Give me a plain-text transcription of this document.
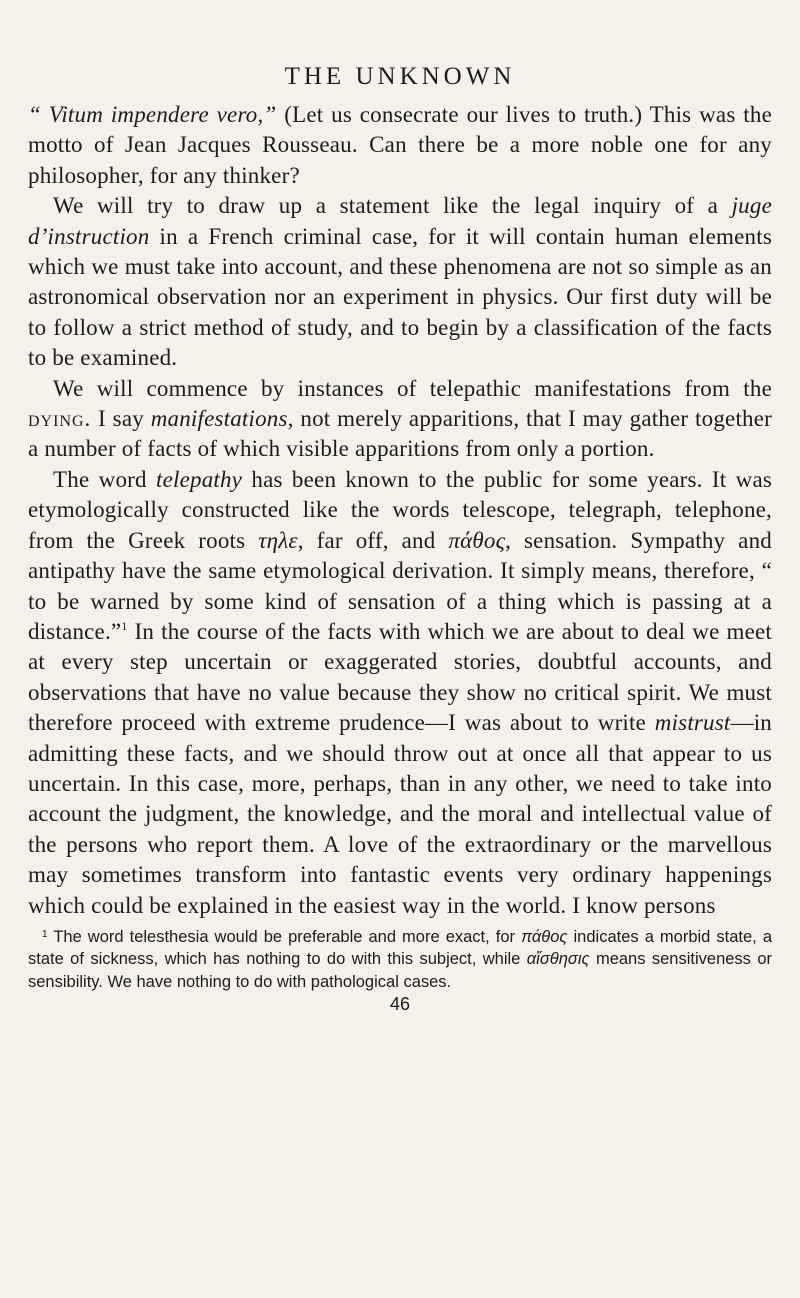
THE UNKNOWN

“ Vitum impendere vero,” (Let us consecrate our lives to truth.) This was the motto of Jean Jacques Rousseau. Can there be a more noble one for any philosopher, for any thinker?

We will try to draw up a statement like the legal inquiry of a juge d’instruction in a French criminal case, for it will contain human elements which we must take into account, and these phenomena are not so simple as an astronomical observation nor an experiment in physics. Our first duty will be to follow a strict method of study, and to begin by a classification of the facts to be examined.

We will commence by instances of telepathic manifestations from the dying. I say manifestations, not merely apparitions, that I may gather together a number of facts of which visible apparitions from only a portion.

The word telepathy has been known to the public for some years. It was etymologically constructed like the words telescope, telegraph, telephone, from the Greek roots τηλε, far off, and πάθος, sensation. Sympathy and antipathy have the same etymological derivation. It simply means, therefore, “ to be warned by some kind of sensation of a thing which is passing at a distance.”$^1$ In the course of the facts with which we are about to deal we meet at every step uncertain or exaggerated stories, doubtful accounts, and observations that have no value because they show no critical spirit. We must therefore proceed with extreme prudence—I was about to write mistrust—in admitting these facts, and we should throw out at once all that appear to us uncertain. In this case, more, perhaps, than in any other, we need to take into account the judgment, the knowledge, and the moral and intellectual value of the persons who report them. A love of the extraordinary or the marvellous may sometimes transform into fantastic events very ordinary happenings which could be explained in the easiest way in the world. I know persons

$^1$ The word telesthesia would be preferable and more exact, for πάθος indicates a morbid state, a state of sickness, which has nothing to do with this subject, while αἴσθησις means sensitiveness or sensibility. We have nothing to do with pathological cases.

46
